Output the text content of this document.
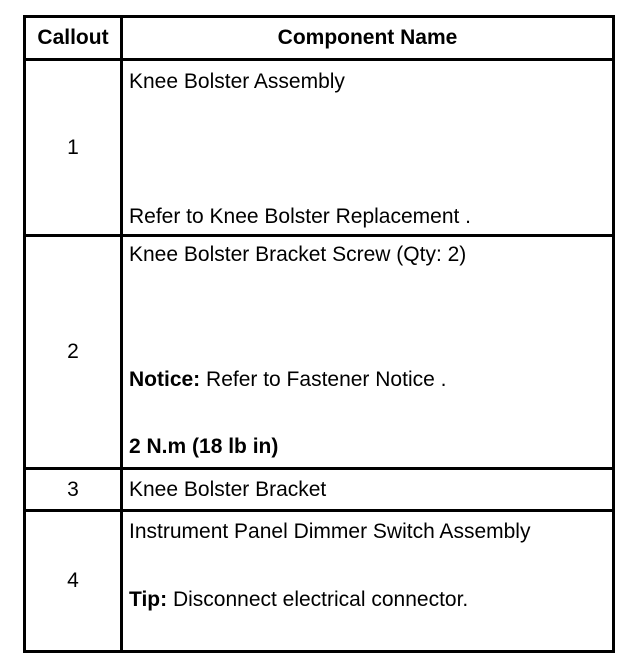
Callout	Component Name
1
Knee Bolster Assembly
Refer to Knee Bolster Replacement .
2
Knee Bolster Bracket Screw (Qty: 2)
Notice: Refer to Fastener Notice .
2 N.m (18 lb in)
3	Knee Bolster Bracket
4
Instrument Panel Dimmer Switch Assembly
Tip: Disconnect electrical connector.
